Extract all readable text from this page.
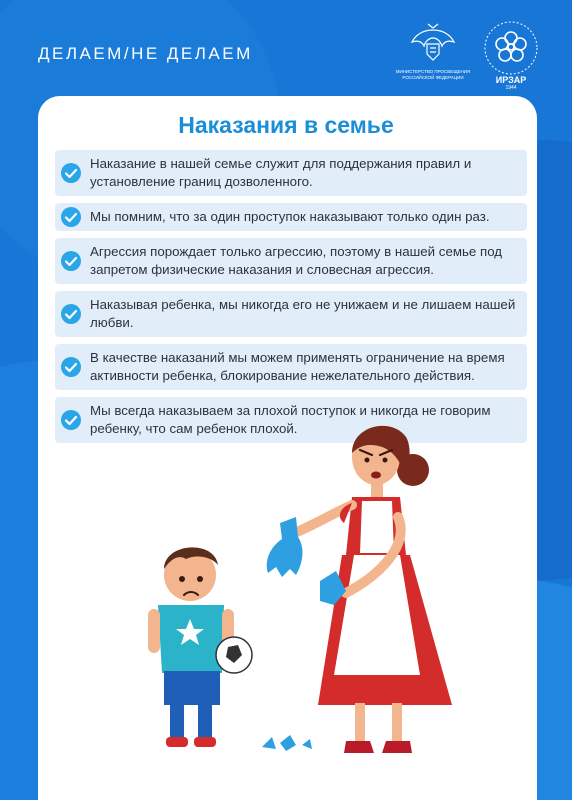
ДЕЛАЕМ/НЕ ДЕЛАЕМ
МИНИСТЕРСТВО ПРОСВЕЩЕНИЯ РОССИЙСКОЙ ФЕДЕРАЦИИ	ИРЗАР
1944
Наказания в семье
Наказание в нашей семье служит для поддержания правил и установление границ дозволенного.
Мы помним, что за один проступок наказывают только один раз.
Агрессия порождает только агрессию, поэтому в нашей семье под запретом физические наказания и словесная агрессия.
Наказывая ребенка, мы никогда его не унижаем и не лишаем нашей любви.
В качестве наказаний мы можем применять ограничение на время активности ребенка, блокирование нежелательного действия.
Мы всегда наказываем за плохой поступок и никогда не говорим ребенку, что сам ребенок плохой.
